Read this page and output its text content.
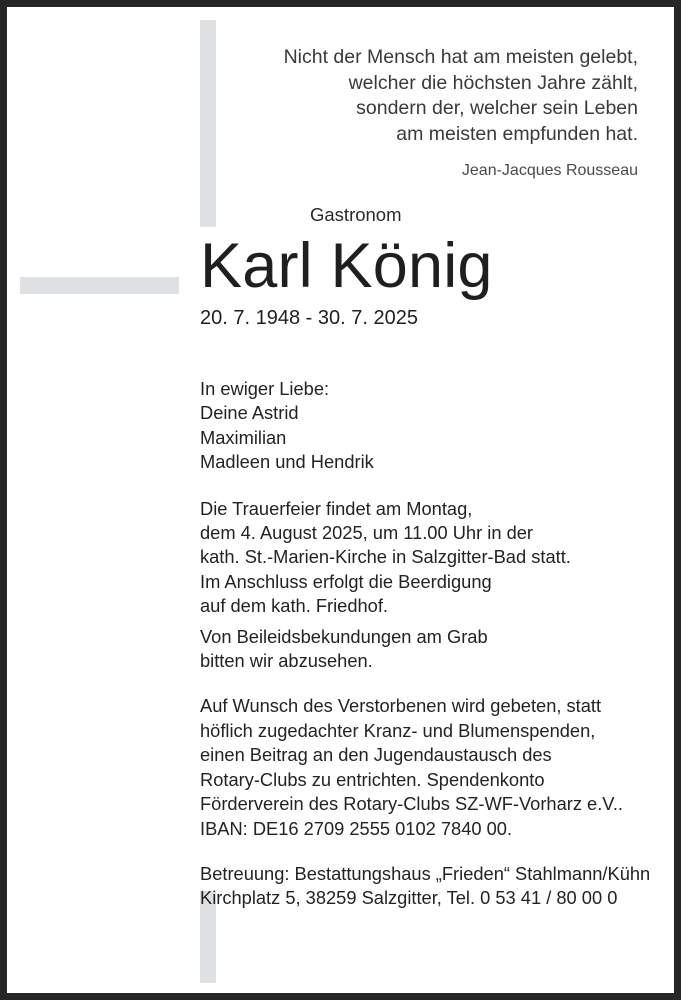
Nicht der Mensch hat am meisten gelebt,
welcher die höchsten Jahre zählt,
sondern der, welcher sein Leben
am meisten empfunden hat.
Jean-Jacques Rousseau
Gastronom
Karl König
20. 7. 1948 - 30. 7. 2025
In ewiger Liebe:
Deine Astrid
Maximilian
Madleen und Hendrik
Die Trauerfeier findet am Montag,
dem 4. August 2025, um 11.00 Uhr in der
kath. St.-Marien-Kirche in Salzgitter-Bad statt.
Im Anschluss erfolgt die Beerdigung
auf dem kath. Friedhof.
Von Beileidsbekundungen am Grab
bitten wir abzusehen.
Auf Wunsch des Verstorbenen wird gebeten, statt
höflich zugedachter Kranz- und Blumenspenden,
einen Beitrag an den Jugendaustausch des
Rotary-Clubs zu entrichten. Spendenkonto
Förderverein des Rotary-Clubs SZ-WF-Vorharz e.V..
IBAN: DE16 2709 2555 0102 7840 00.
Betreuung: Bestattungshaus „Frieden“ Stahlmann/Kühn
Kirchplatz 5, 38259 Salzgitter, Tel. 0 53 41 / 80 00 0
